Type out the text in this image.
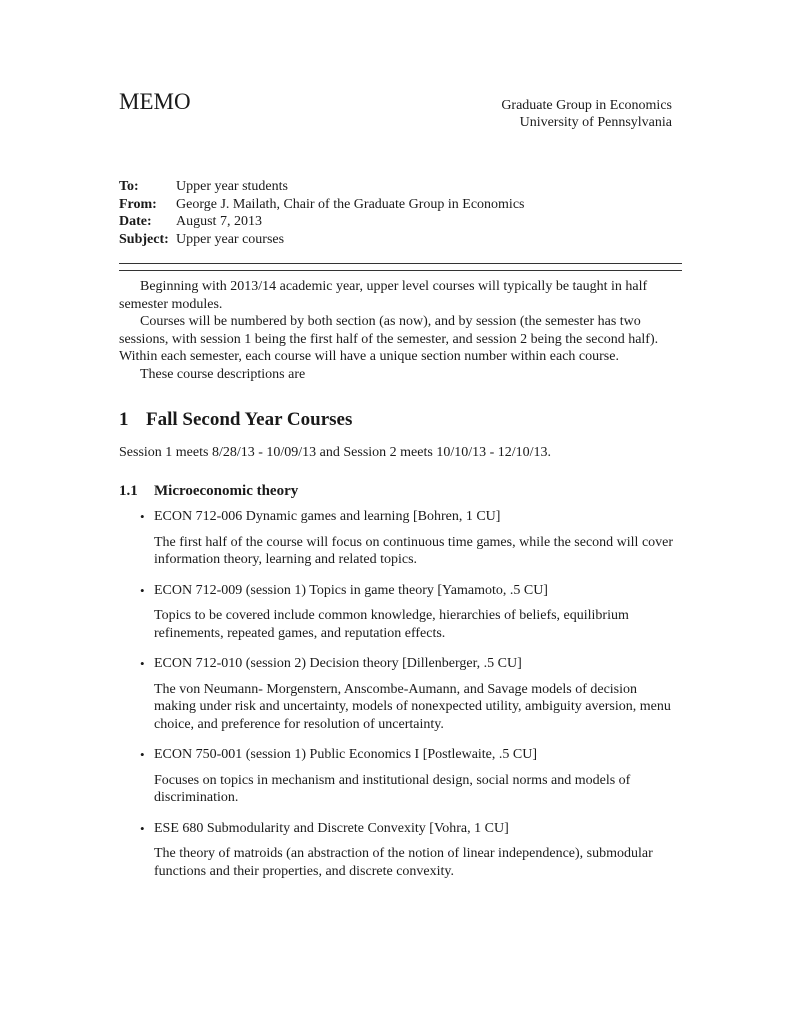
MEMO	Graduate Group in Economics
University of Pennsylvania
To:	Upper year students
From:	George J. Mailath, Chair of the Graduate Group in Economics
Date:	August 7, 2013
Subject: Upper year courses

Beginning with 2013/14 academic year, upper level courses will typically be taught in half semester modules.

Courses will be numbered by both section (as now), and by session (the semester has two sessions, with session 1 being the first half of the semester, and session 2 being the second half). Within each semester, each course will have a unique section number within each course.

These course descriptions are

1 Fall Second Year Courses
Session 1 meets 8/28/13 - 10/09/13 and Session 2 meets 10/10/13 - 12/10/13.
1.1 Microeconomic theory
• ECON 712-006 Dynamic games and learning [Bohren, 1 CU]
The first half of the course will focus on continuous time games, while the second will cover information theory, learning and related topics.
• ECON 712-009 (session 1) Topics in game theory [Yamamoto, .5 CU]
Topics to be covered include common knowledge, hierarchies of beliefs, equilibrium refinements, repeated games, and reputation effects.
• ECON 712-010 (session 2) Decision theory [Dillenberger, .5 CU]
The von Neumann- Morgenstern, Anscombe-Aumann, and Savage models of decision making under risk and uncertainty, models of nonexpected utility, ambiguity aversion, menu choice, and preference for resolution of uncertainty.
• ECON 750-001 (session 1) Public Economics I [Postlewaite, .5 CU]
Focuses on topics in mechanism and institutional design, social norms and models of discrimination.
• ESE 680 Submodularity and Discrete Convexity [Vohra, 1 CU]
The theory of matroids (an abstraction of the notion of linear independence), submodular functions and their properties, and discrete convexity.
